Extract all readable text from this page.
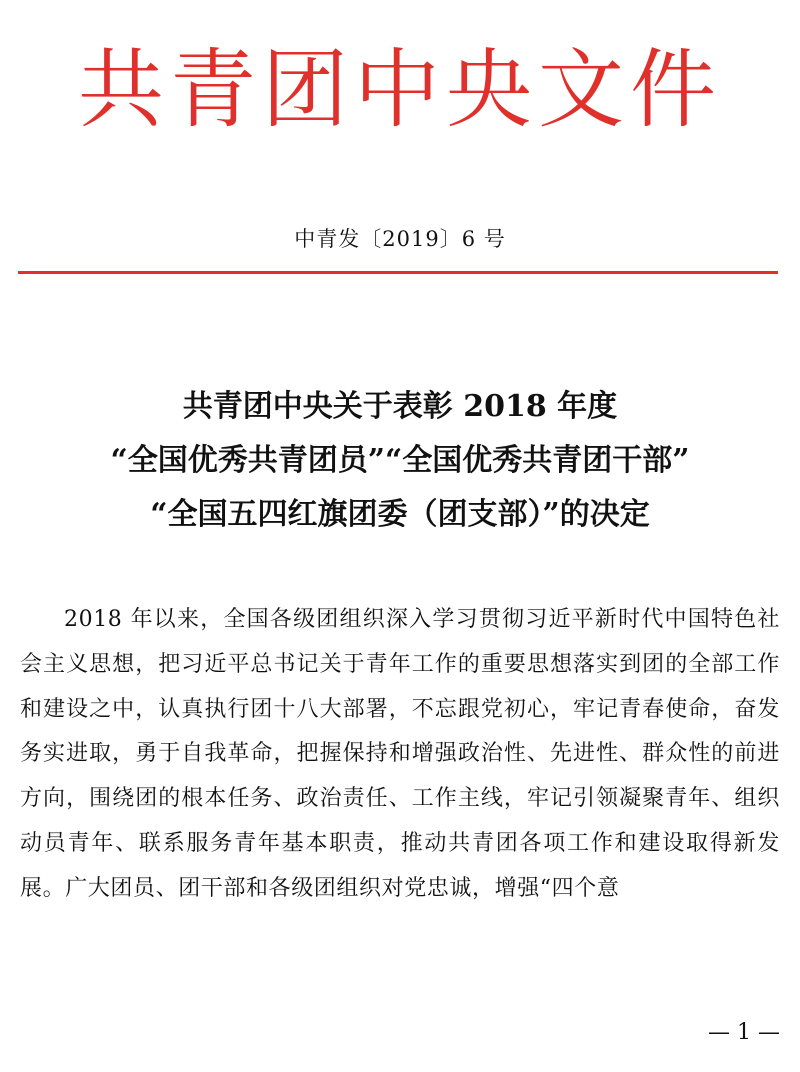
共青团中央文件
中青发〔2019〕6 号
共青团中央关于表彰 2018 年度
“全国优秀共青团员”“全国优秀共青团干部”
“全国五四红旗团委（团支部）”的决定
2018 年以来，全国各级团组织深入学习贯彻习近平新时代中国特色社会主义思想，把习近平总书记关于青年工作的重要思想落实到团的全部工作和建设之中，认真执行团十八大部署，不忘跟党初心，牢记青春使命，奋发务实进取，勇于自我革命，把握保持和增强政治性、先进性、群众性的前进方向，围绕团的根本任务、政治责任、工作主线，牢记引领凝聚青年、组织动员青年、联系服务青年基本职责，推动共青团各项工作和建设取得新发展。广大团员、团干部和各级团组织对党忠诚，增强“四个意
— 1 —
